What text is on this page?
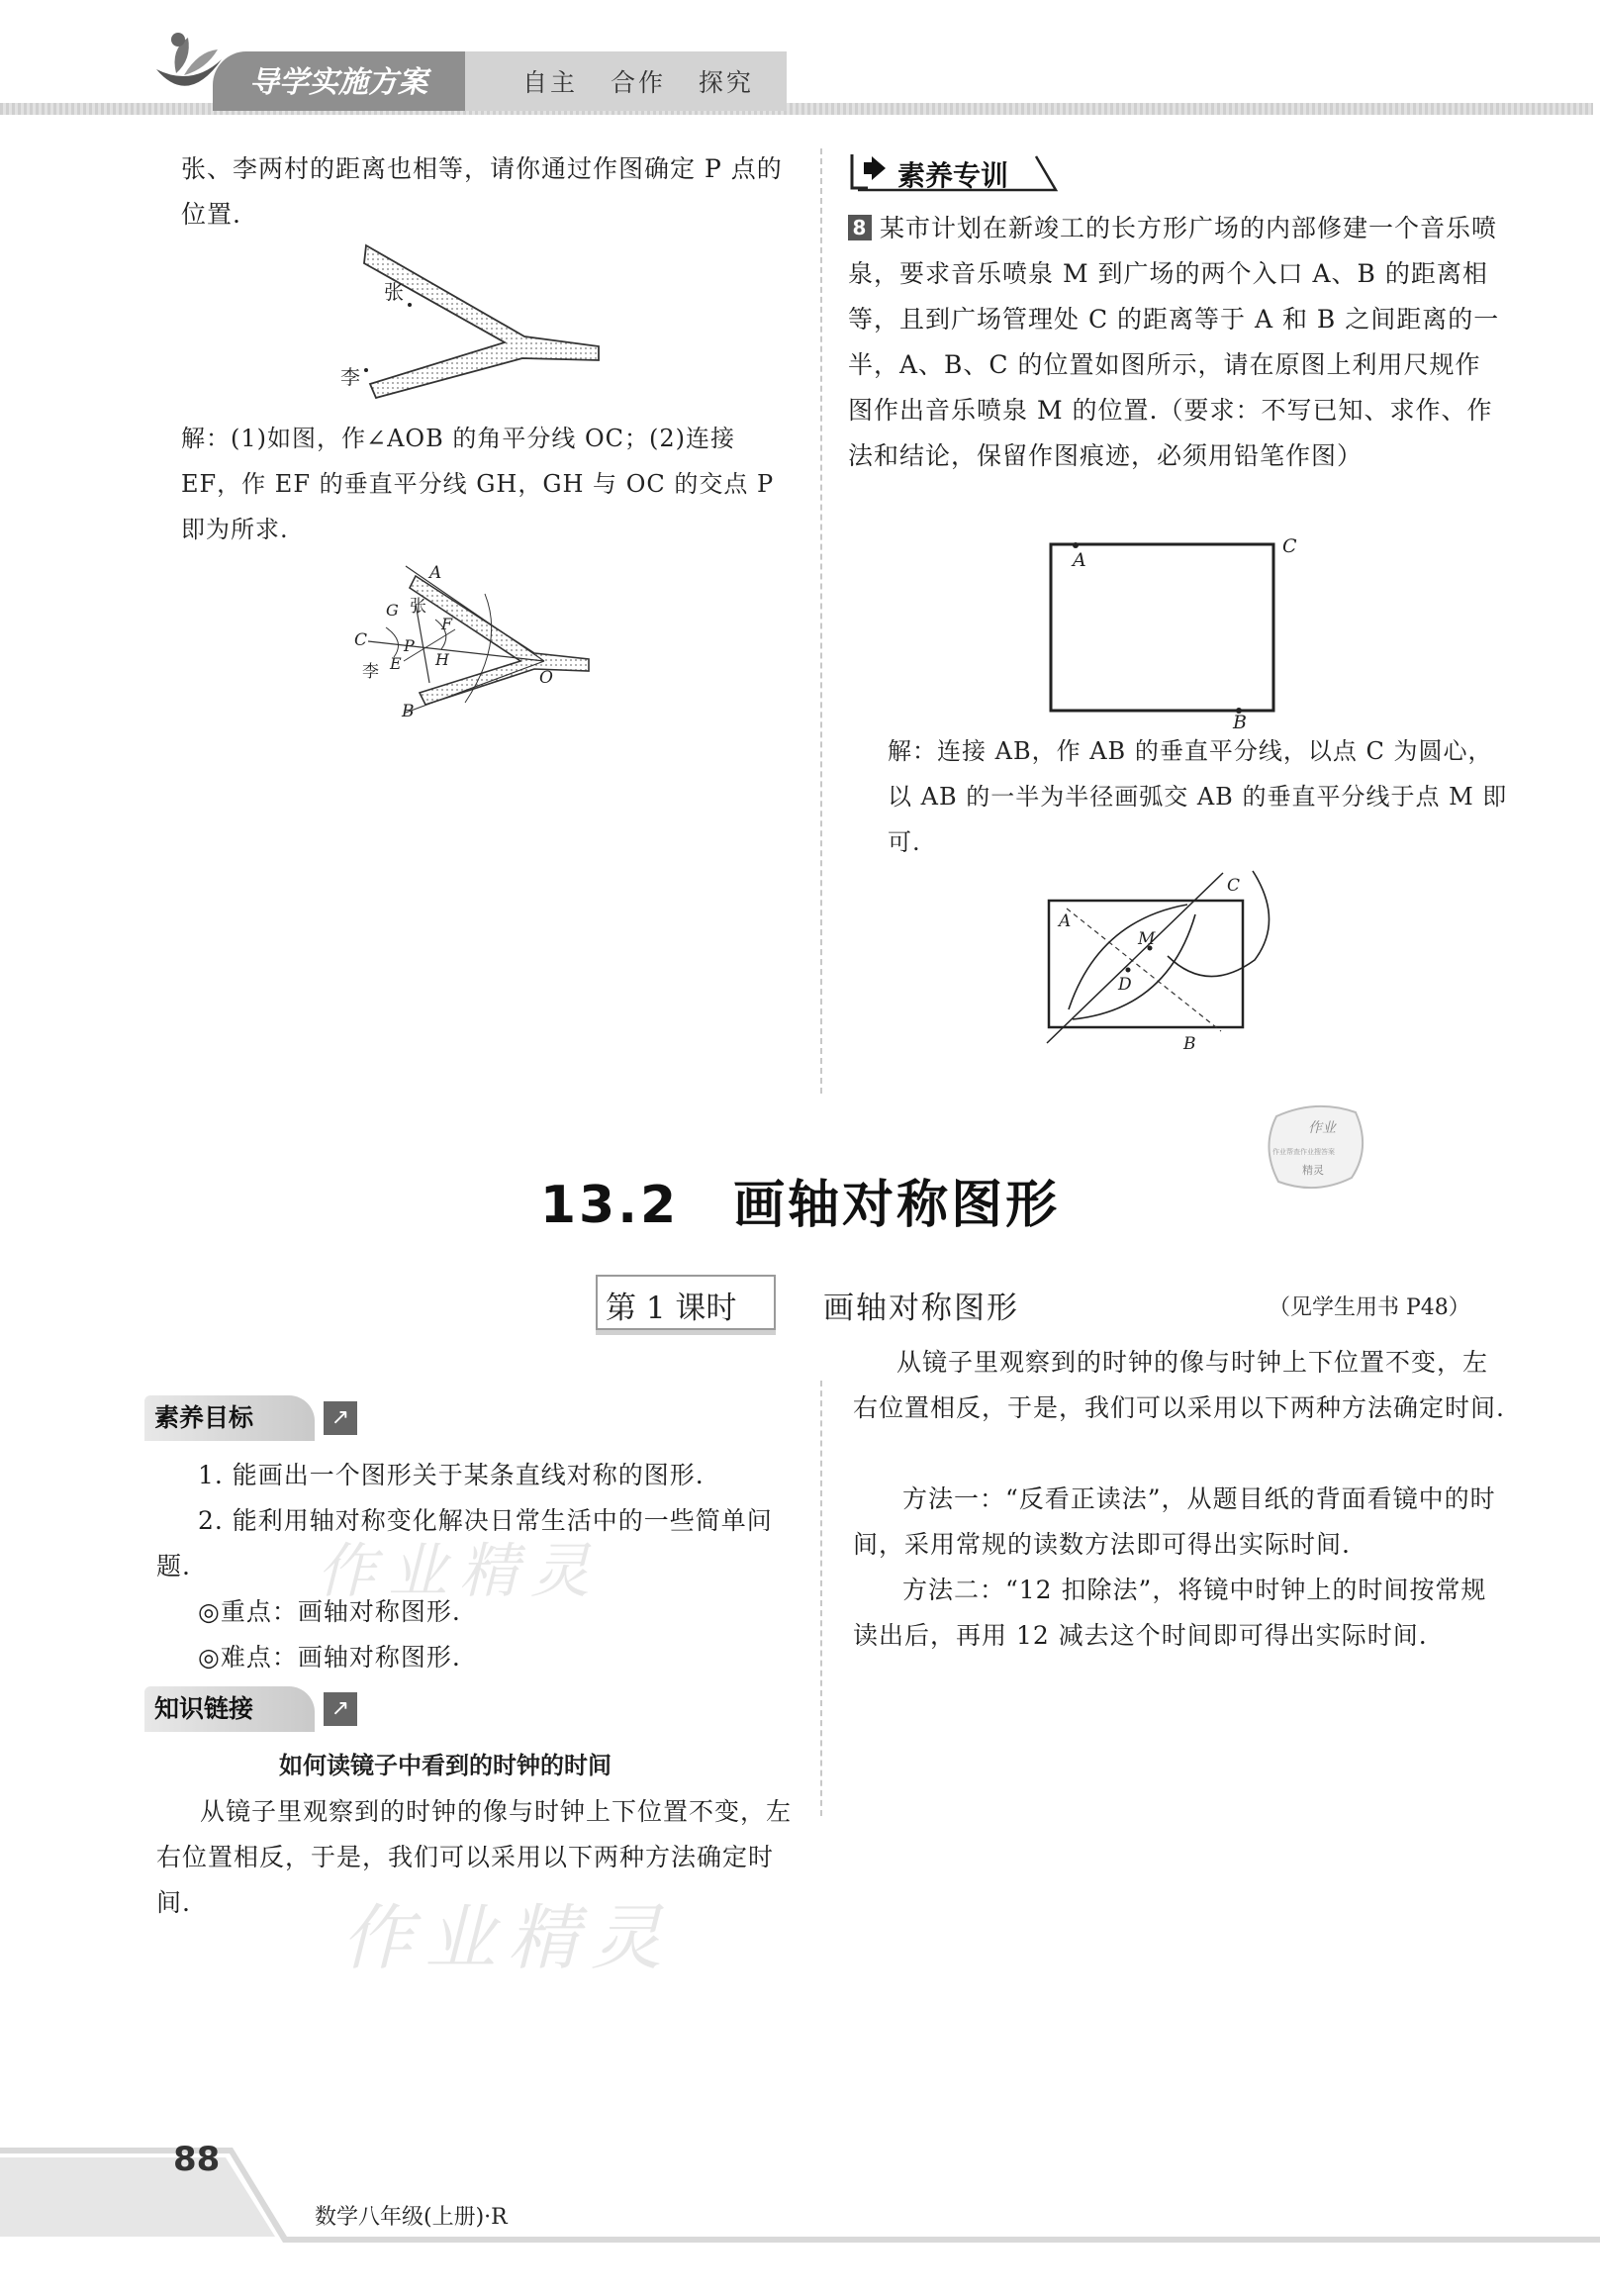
导学实施方案	自主 合作 探究
张、李两村的距离也相等，请你通过作图确定 P 点的位置.
张
李
解：(1)如图，作∠AOB 的角平分线 OC；(2)连接 EF，作 EF 的垂直平分线 GH，GH 与 OC 的交点 P 即为所求.
A
B
C
O
G
P
E
F
H
张
李
素养专训
8 某市计划在新竣工的长方形广场的内部修建一个音乐喷泉，要求音乐喷泉 M 到广场的两个入口 A、B 的距离相等，且到广场管理处 C 的距离等于 A 和 B 之间距离的一半，A、B、C 的位置如图所示，请在原图上利用尺规作图作出音乐喷泉 M 的位置.（要求：不写已知、求作、作法和结论，保留作图痕迹，必须用铅笔作图）
A
C
B
解：连接 AB，作 AB 的垂直平分线，以点 C 为圆心，以 AB 的一半为半径画弧交 AB 的垂直平分线于点 M 即可.
A
C
M
D
B
作业
作业帮查作业搜答案
精灵
13.2　画轴对称图形
第 1 课时	画轴对称图形	（见学生用书 P48）
素养目标	↗
1. 能画出一个图形关于某条直线对称的图形.
2. 能利用轴对称变化解决日常生活中的一些简单问题.
◎重点：画轴对称图形.
◎难点：画轴对称图形.
知识链接	↗
如何读镜子中看到的时钟的时间
从镜子里观察到的时钟的像与时钟上下位置不变，左右位置相反，于是，我们可以采用以下两种方法确定时间.
从镜子里观察到的时钟的像与时钟上下位置不变，左右位置相反，于是，我们可以采用以下两种方法确定时间.
方法一：“反看正读法”，从题目纸的背面看镜中的时间，采用常规的读数方法即可得出实际时间.
方法二：“12 扣除法”，将镜中时钟上的时间按常规读出后，再用 12 减去这个时间即可得出实际时间.
作业精灵
作业精灵
88
数学八年级(上册)·R
